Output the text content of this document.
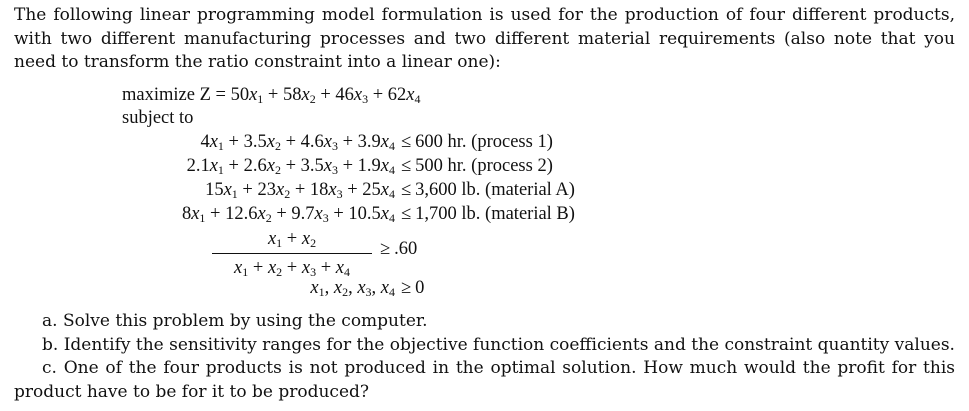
The following linear programming model formulation is used for the production of four different products, with two different manufacturing processes and two different material requirements (also note that you need to transform the ratio constraint into a linear one):

maximize $Z = 50x_1 + 58x_2 + 46x_3 + 62x_4$
subject to
$4x_1 + 3.5x_2 + 4.6x_3 + 3.9x_4 \le 600$ hr. (process 1)
$2.1x_1 + 2.6x_2 + 3.5x_3 + 1.9x_4 \le 500$ hr. (process 2)
$15x_1 + 23x_2 + 18x_3 + 25x_4 \le 3,600$ lb. (material A)
$8x_1 + 12.6x_2 + 9.7x_3 + 10.5x_4 \le 1,700$ lb. (material B)
$x_1$, $x_2$, $x_3$, $x_4 \ge 0$
$x_1 + x_2$
$x_1 + x_2 + x_3 + x_4$
≥ .60

a. Solve this problem by using the computer.

b. Identify the sensitivity ranges for the objective function coefficients and the constraint quantity values.

c. One of the four products is not produced in the optimal solution. How much would the profit for this product have to be for it to be produced?
